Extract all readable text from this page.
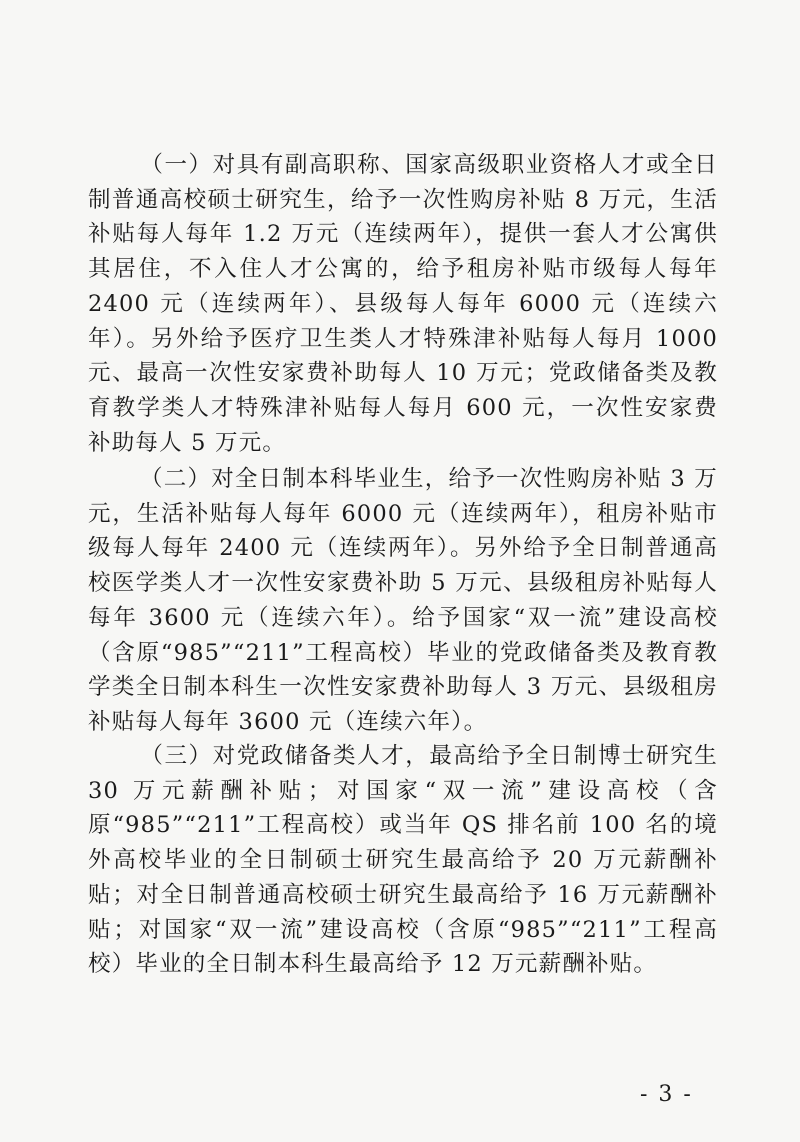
（一）对具有副高职称、国家高级职业资格人才或全日制普通高校硕士研究生，给予一次性购房补贴 8 万元，生活补贴每人每年 1.2 万元（连续两年），提供一套人才公寓供其居住，不入住人才公寓的，给予租房补贴市级每人每年 2400 元（连续两年）、县级每人每年 6000 元（连续六年）。另外给予医疗卫生类人才特殊津补贴每人每月 1000 元、最高一次性安家费补助每人 10 万元；党政储备类及教育教学类人才特殊津补贴每人每月 600 元，一次性安家费补助每人 5 万元。

（二）对全日制本科毕业生，给予一次性购房补贴 3 万元，生活补贴每人每年 6000 元（连续两年），租房补贴市级每人每年 2400 元（连续两年）。另外给予全日制普通高校医学类人才一次性安家费补助 5 万元、县级租房补贴每人每年 3600 元（连续六年）。给予国家“双一流”建设高校（含原“985”“211”工程高校）毕业的党政储备类及教育教学类全日制本科生一次性安家费补助每人 3 万元、县级租房补贴每人每年 3600 元（连续六年）。

（三）对党政储备类人才，最高给予全日制博士研究生 30 万元薪酬补贴；对国家“双一流”建设高校（含原“985”“211”工程高校）或当年 QS 排名前 100 名的境外高校毕业的全日制硕士研究生最高给予 20 万元薪酬补贴；对全日制普通高校硕士研究生最高给予 16 万元薪酬补贴；对国家“双一流”建设高校（含原“985”“211”工程高校）毕业的全日制本科生最高给予 12 万元薪酬补贴。

- 3 -
